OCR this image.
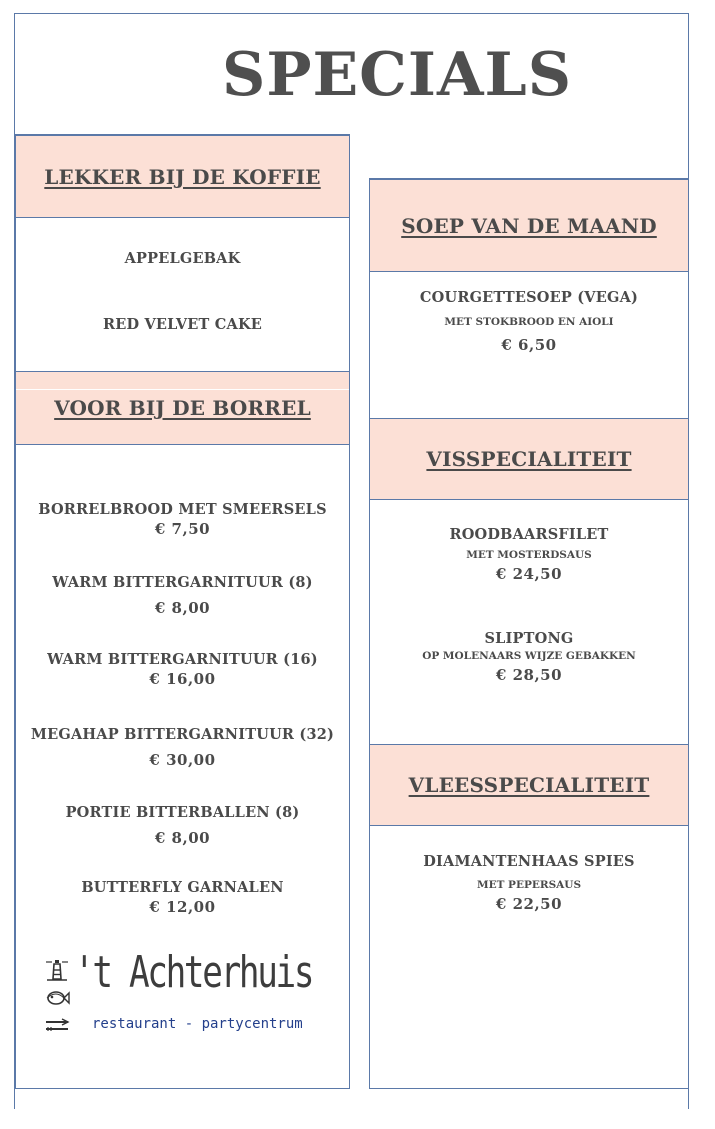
SPECIALS
LEKKER BIJ DE KOFFIE
APPELGEBAK
RED VELVET CAKE
VOOR BIJ DE BORREL
BORRELBROOD MET SMEERSELS
€ 7,50
WARM BITTERGARNITUUR (8)
€ 8,00
WARM BITTERGARNITUUR (16)
€ 16,00
MEGAHAP BITTERGARNITUUR (32)
€ 30,00
PORTIE BITTERBALLEN (8)
€ 8,00
BUTTERFLY GARNALEN
€ 12,00
't Achterhuis
restaurant - partycentrum
SOEP VAN DE MAAND
COURGETTESOEP (VEGA)
MET STOKBROOD EN AIOLI
€ 6,50
VISSPECIALITEIT
ROODBAARSFILET
MET MOSTERDSAUS
€ 24,50
SLIPTONG
OP MOLENAARS WIJZE GEBAKKEN
€ 28,50
VLEESSPECIALITEIT
DIAMANTENHAAS SPIES
MET PEPERSAUS
€ 22,50
